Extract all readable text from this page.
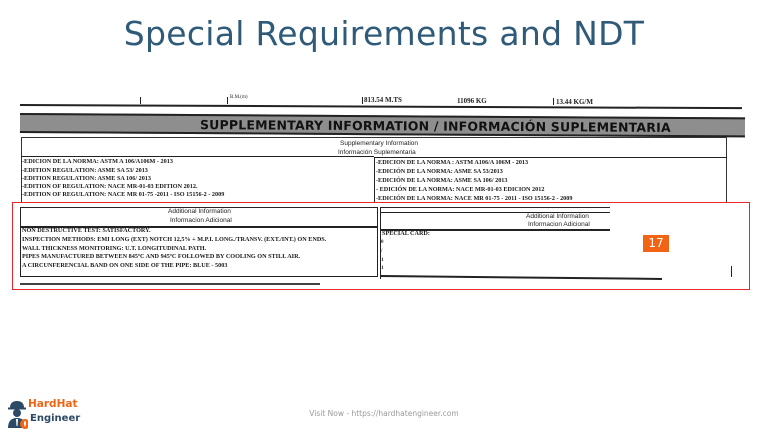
Special Requirements and NDT
B.M.(m)	813.54 M.TS	11096 KG	13.44 KG/M
SUPPLEMENTARY INFORMATION / INFORMACIÓN SUPLEMENTARIA
Supplementary Information
Información Suplementaria
-EDICION DE LA NORMA: ASTM A 106/A106M - 2013
-EDITION REGULATION: ASME SA 53/ 2013
-EDITION REGULATION: ASME SA 106/ 2013
-EDITION OF REGULATION: NACE MR-01-03 EDITION 2012.
-EDITION OF REGULATION: NACE MR 01-75 -2011 - ISO 15156-2 - 2009
-EDICION DE LA NORMA : ASTM A106/A 106M - 2013
-EDICIÓN DE LA NORMA: ASME SA 53/2013
-EDICIÓN DE LA NORMA: ASME SA 106/ 2013
- EDICIÓN DE LA NORMA: NACE MR-01-03 EDICION 2012
-EDICIÓN DE LA NORMA: NACE MR 01-75 - 2011 - ISO 15156-2 - 2009
Additional Information
Informacion Adicional
NON DESTRUCTIVE TEST: SATISFACTORY.
INSPECTION METHODS: EMI LONG (EXT) NOTCH 12,5% + M.P.I. LONG./TRANSV. (EXT./INT.) ON ENDS.
WALL THICKNESS MONITORING: U.T. LONGITUDINAL PATH.
PIPES MANUFACTURED BETWEEN 845ºC AND 945ºC FOLLOWED BY COOLING ON STILL AIR.
A CIRCUNFERENCIAL BAND ON ONE SIDE OF THE PIPE: BLUE - 5003
Additional Information
Informacion Adicional
SPECIAL CARD:
0
/
1
1
17
HardHat
Engineer	Visit Now - https://hardhatengineer.com
